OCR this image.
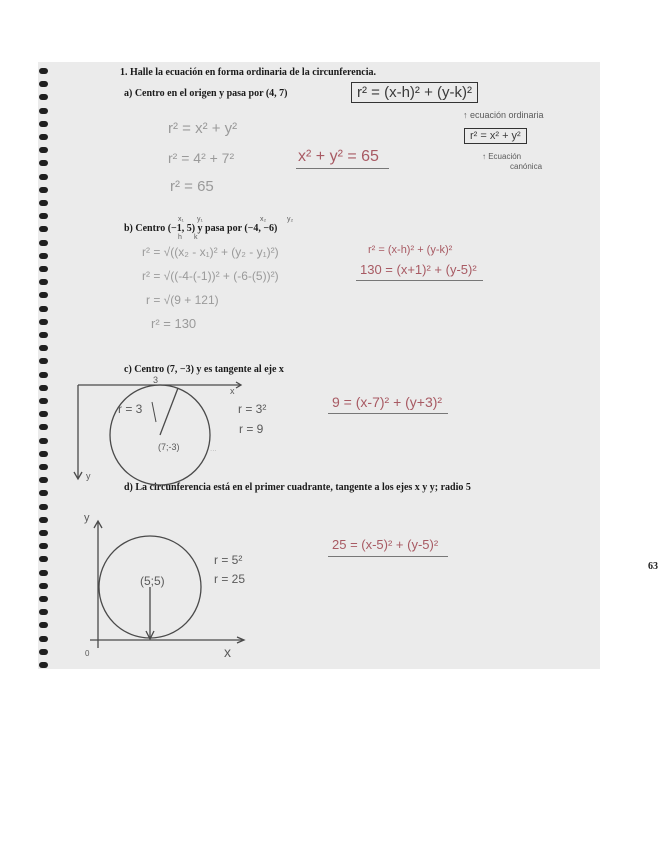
1. Halle la ecuación en forma ordinaria de la circunferencia.
a) Centro en el origen y pasa por (4, 7)	r² = (x-h)² + (y-k)²
↑ ecuación ordinaria
r² = x² + y²
↑ Ecuación
canónica
r² = x² + y²
r² = 4² + 7²
r² = 65
x² + y² = 65
x₁ y₁	x₂	y₂
b) Centro (−1, 5) y pasa por (−4, −6)
h k
r² = √((x₂ - x₁)² + (y₂ - y₁)²)
r² = √((-4-(-1))² + (-6-(5))²)
r = √(9 + 121)
r² = 130
r² = (x-h)² + (y-k)²
130 = (x+1)² + (y-5)²
c) Centro (7, −3) y es tangente al eje x
3
x
r = 3
(7;-3)	...
y
r = 3²
r = 9
9 = (x-7)² + (y+3)²
d) La circunferencia está en el primer cuadrante, tangente a los ejes x y y; radio 5
y
(5;5)
0	x
r = 5²
r = 25
25 = (x-5)² + (y-5)²
63
